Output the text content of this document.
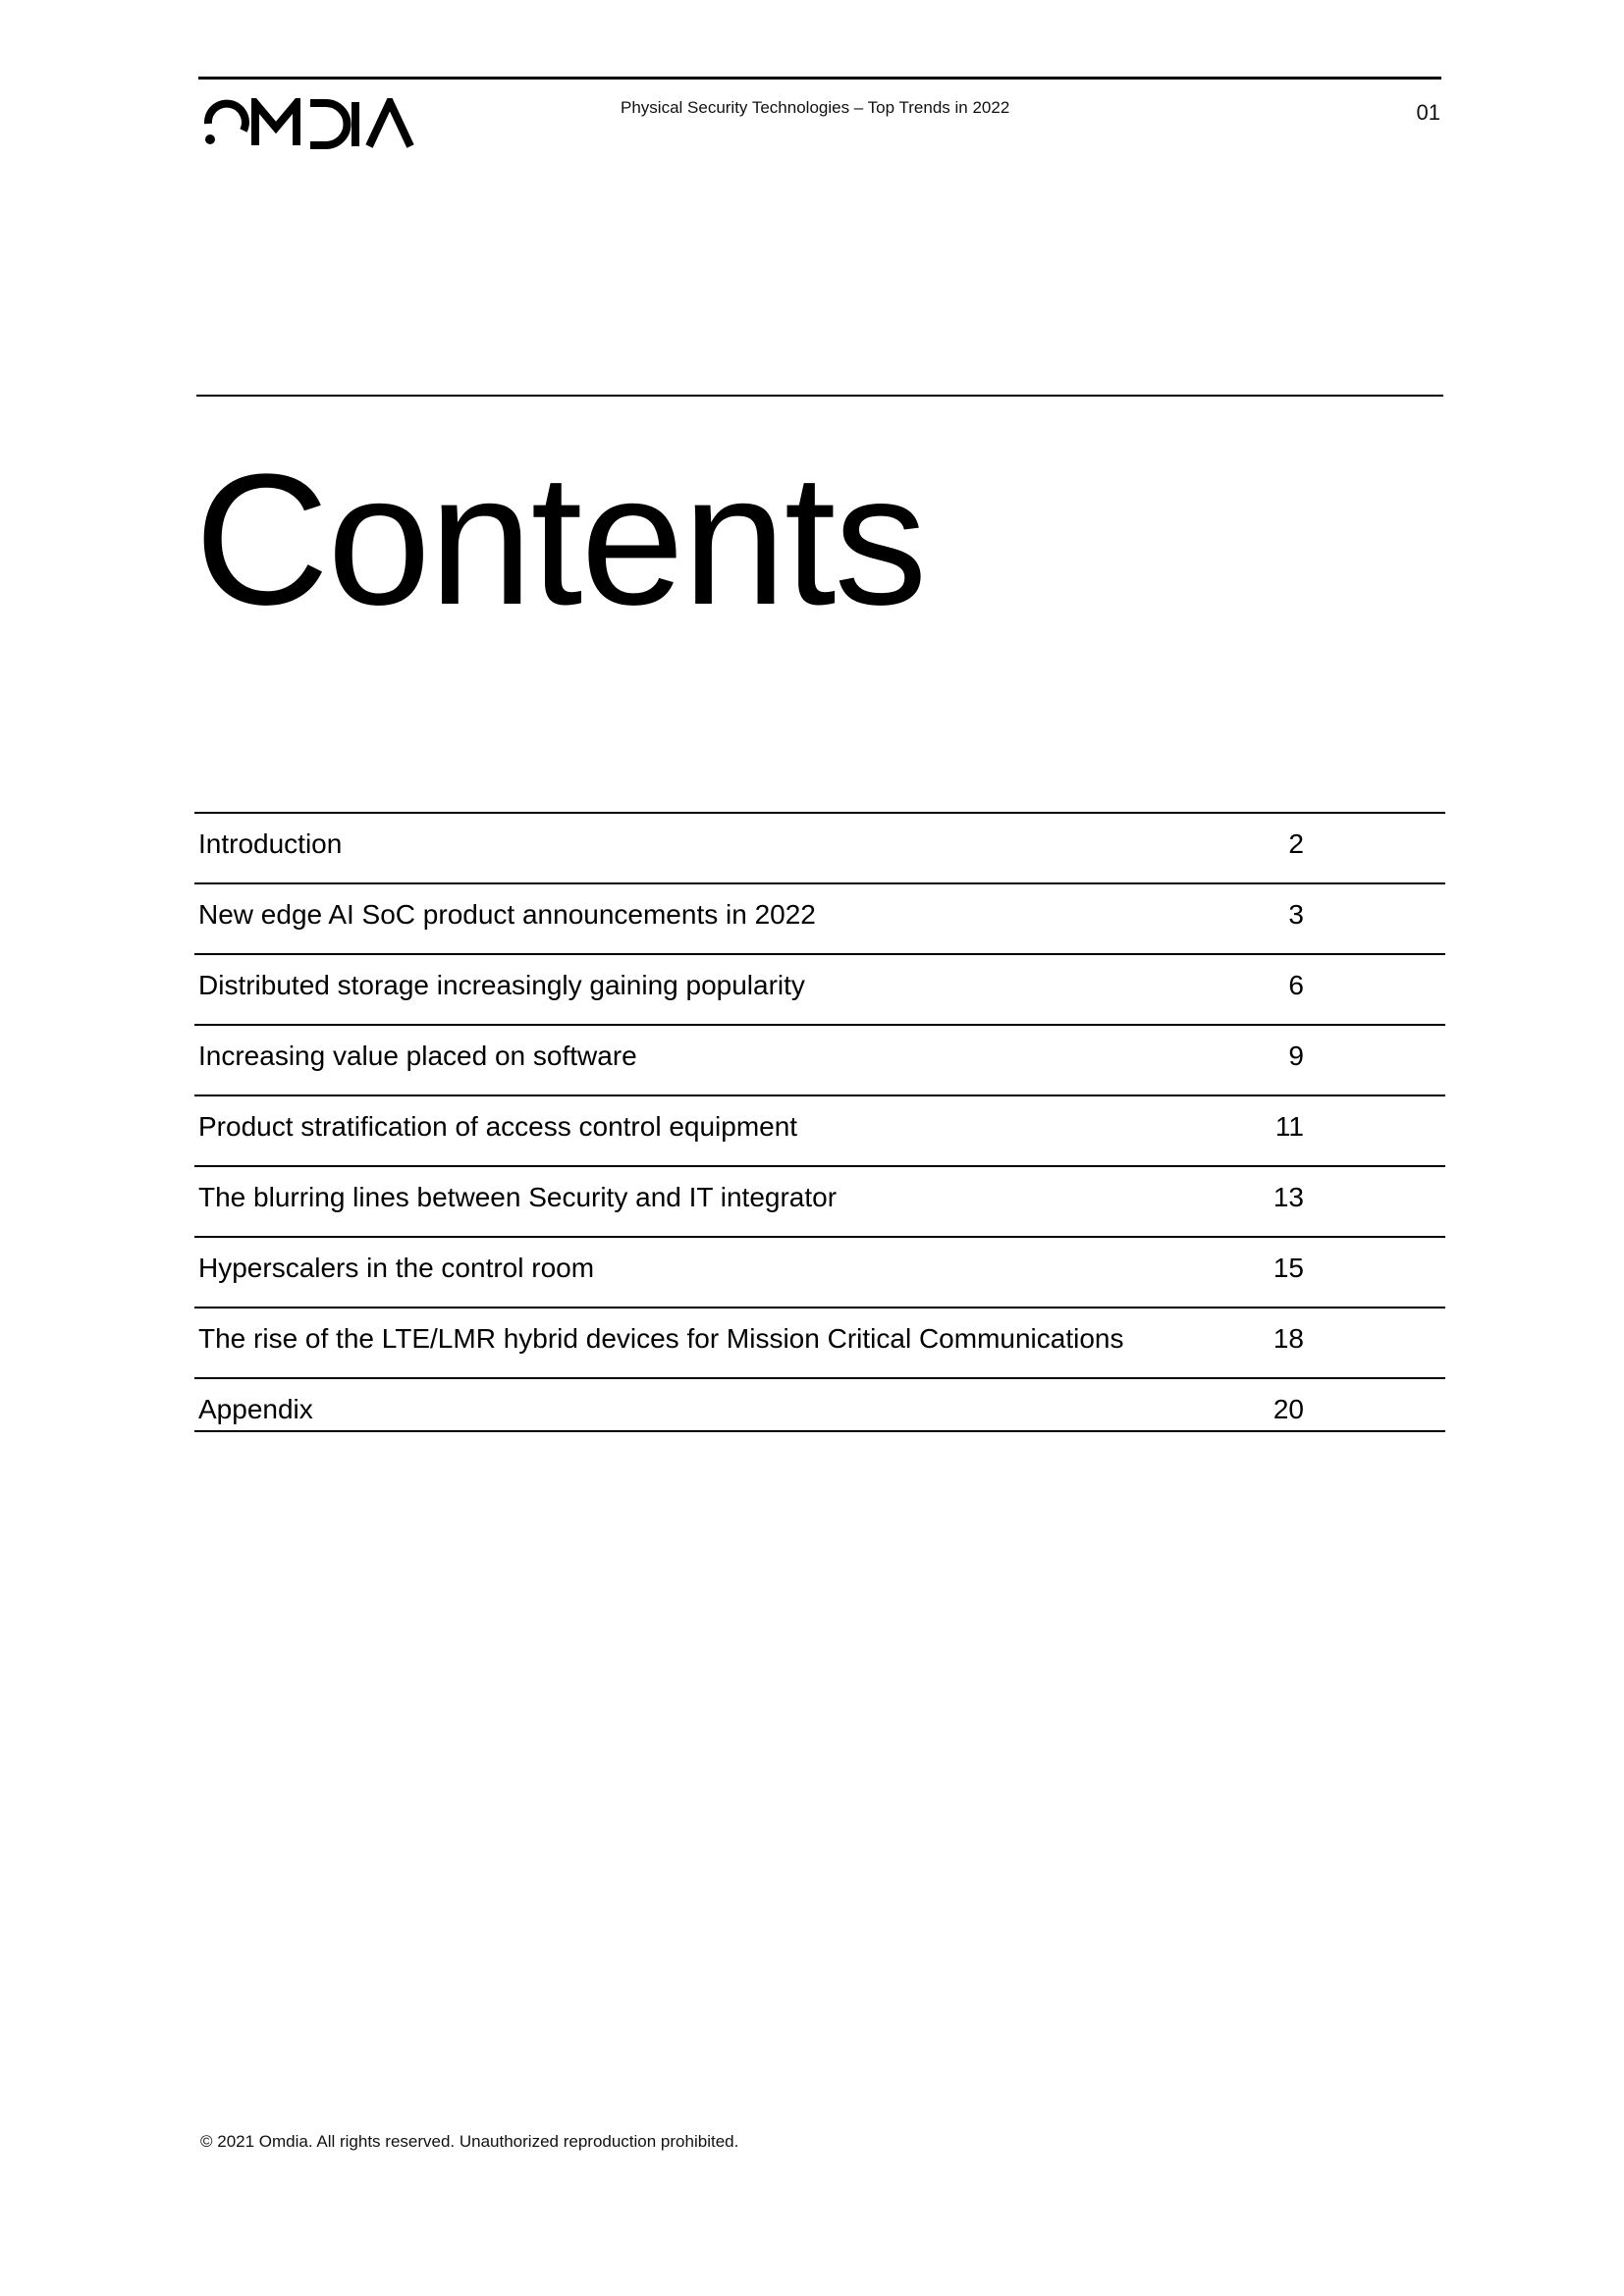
Physical Security Technologies – Top Trends in 2022	01
Contents
Introduction	2
New edge AI SoC product announcements in 2022	3
Distributed storage increasingly gaining popularity	6
Increasing value placed on software	9
Product stratification of access control equipment	11
The blurring lines between Security and IT integrator	13
Hyperscalers in the control room	15
The rise of the LTE/LMR hybrid devices for Mission Critical Communications	18
Appendix	20
© 2021 Omdia. All rights reserved. Unauthorized reproduction prohibited.
